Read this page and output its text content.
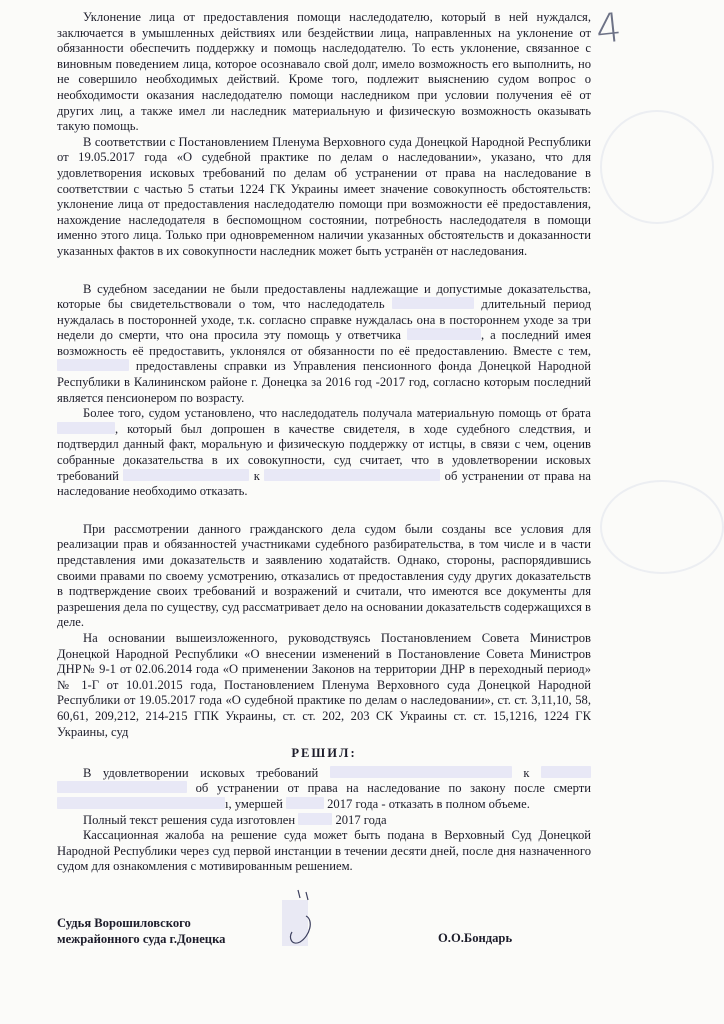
4

Уклонение лица от предоставления помощи наследодателю, который в ней нуждался, заключается в умышленных действиях или бездействии лица, направленных на уклонение от обязанности обеспечить поддержку и помощь наследодателю. То есть уклонение, связанное с виновным поведением лица, которое осознавало свой долг, имело возможность его выполнить, но не совершило необходимых действий. Кроме того, подлежит выяснению судом вопрос о необходимости оказания наследодателю помощи наследником при условии получения её от других лиц, а также имел ли наследник материальную и физическую возможность оказывать такую помощь.

В соответствии с Постановлением Пленума Верховного суда Донецкой Народной Республики от 19.05.2017 года «О судебной практике по делам о наследовании», указано, что для удовлетворения исковых требований по делам об устранении от права на наследование в соответствии с частью 5 статьи 1224 ГК Украины имеет значение совокупность обстоятельств: уклонение лица от предоставления наследодателю помощи при возможности её предоставления, нахождение наследодателя в беспомощном состоянии, потребность наследодателя в помощи именно этого лица. Только при одновременном наличии указанных обстоятельств и доказанности указанных фактов в их совокупности наследник может быть устранён от наследования.

В судебном заседании не были предоставлены надлежащие и допустимые доказательства, которые бы свидетельствовали о том, что наследодатель	длительный период нуждалась в посторонней уходе, т.к. согласно справке нуждалась она в постороннем уходе за три недели до смерти, что она просила эту помощь у ответчика	, а последний имея возможность её предоставить, уклонялся от обязанности по её предоставлению. Вместе с тем,  предоставлены справки из Управления пенсионного фонда Донецкой Народной Республики в Калининском районе г. Донецка за 2016 год -2017 год, согласно которым последний является пенсионером по возрасту.

Более того, судом установлено, что наследодатель получала материальную помощь от брата , который был допрошен в качестве свидетеля, в ходе судебного следствия, и подтвердил данный факт, моральную и физическую поддержку от истцы, в связи с чем, оценив собранные доказательства в их совокупности, суд считает, что в удовлетворении исковых требований	к	об устранении от права на наследование необходимо отказать.

При рассмотрении данного гражданского дела судом были созданы все условия для реализации прав и обязанностей участниками судебного разбирательства, в том числе и в части представления ими доказательств и заявлению ходатайств. Однако, стороны, распорядившись своими правами по своему усмотрению, отказались от предоставления суду других доказательств в подтверждение своих требований и возражений и считали, что имеются все документы для разрешения дела по существу, суд рассматривает дело на основании доказательств содержащихся в деле.

На основании вышеизложенного, руководствуясь Постановлением Совета Министров Донецкой Народной Республики «О внесении изменений в Постановление Совета Министров ДНР№ 9-1 от 02.06.2014 года «О применении Законов на территории ДНР в переходный период» № 1-Г от 10.01.2015 года, Постановлением Пленума Верховного суда Донецкой Народной Республики от 19.05.2017 года «О судебной практике по делам о наследовании», ст. ст. 3,11,10, 58, 60,61, 209,212, 214-215 ГПК Украины, ст. ст. 202, 203 СК Украины ст. ст. 15,1216, 1224 ГК Украины, суд

РЕШИЛ:

В удовлетворении исковых требований	к   об устранении от права на наследование по закону после смерти ı, умершей	2017 года - отказать в полном объеме.

Полный текст решения суда изготовлен	2017 года

Кассационная жалоба на решение суда может быть подана в Верховный Суд Донецкой Народной Республики через суд первой инстанции в течении десяти дней, после дня назначенного судом для ознакомления с мотивированным решением.

Судья Ворошиловского
межрайонного суда г.Донецка	О.О.Бондарь
